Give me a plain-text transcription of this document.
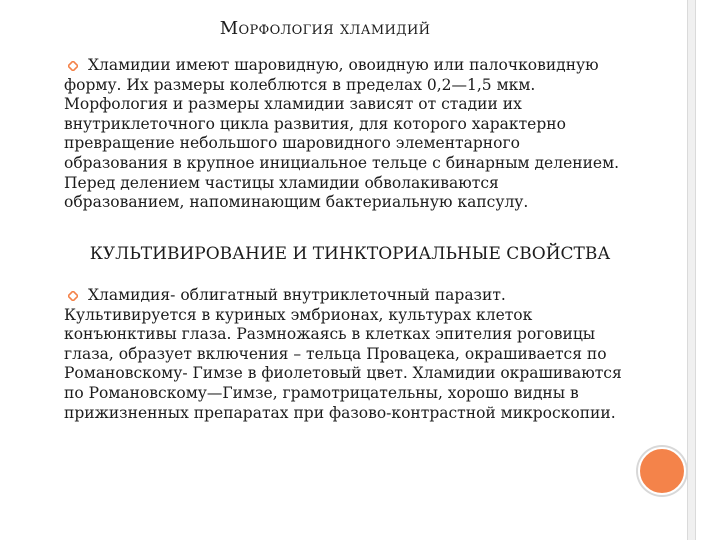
Морфология хламидий

Хламидии имеют шаровидную, овоидную или палочковидную форму. Их размеры колеблются в пределах 0,2—1,5 мкм. Морфология и размеры хламидии зависят от стадии их внутриклеточного цикла развития, для которого характерно превращение небольшого шаровидного элементарного образования в крупное инициальное тельце с бинарным делением. Перед делением частицы хламидии обволакиваются образованием, напоминающим бактериальную капсулу.

КУЛЬТИВИРОВАНИЕ И ТИНКТОРИАЛЬНЫЕ СВОЙСТВА

Хламидия- облигатный внутриклеточный паразит. Культивируется в куриных эмбрионах, культурах клеток конъюнктивы глаза. Размножаясь в клетках эпителия роговицы глаза, образует включения – тельца Провацека, окрашивается по Романовскому- Гимзе в фиолетовый цвет. Хламидии окрашиваются по Романовскому—Гимзе, грамотрицательны, хорошо видны в прижизненных препаратах при фазово-контрастной микроскопии.
